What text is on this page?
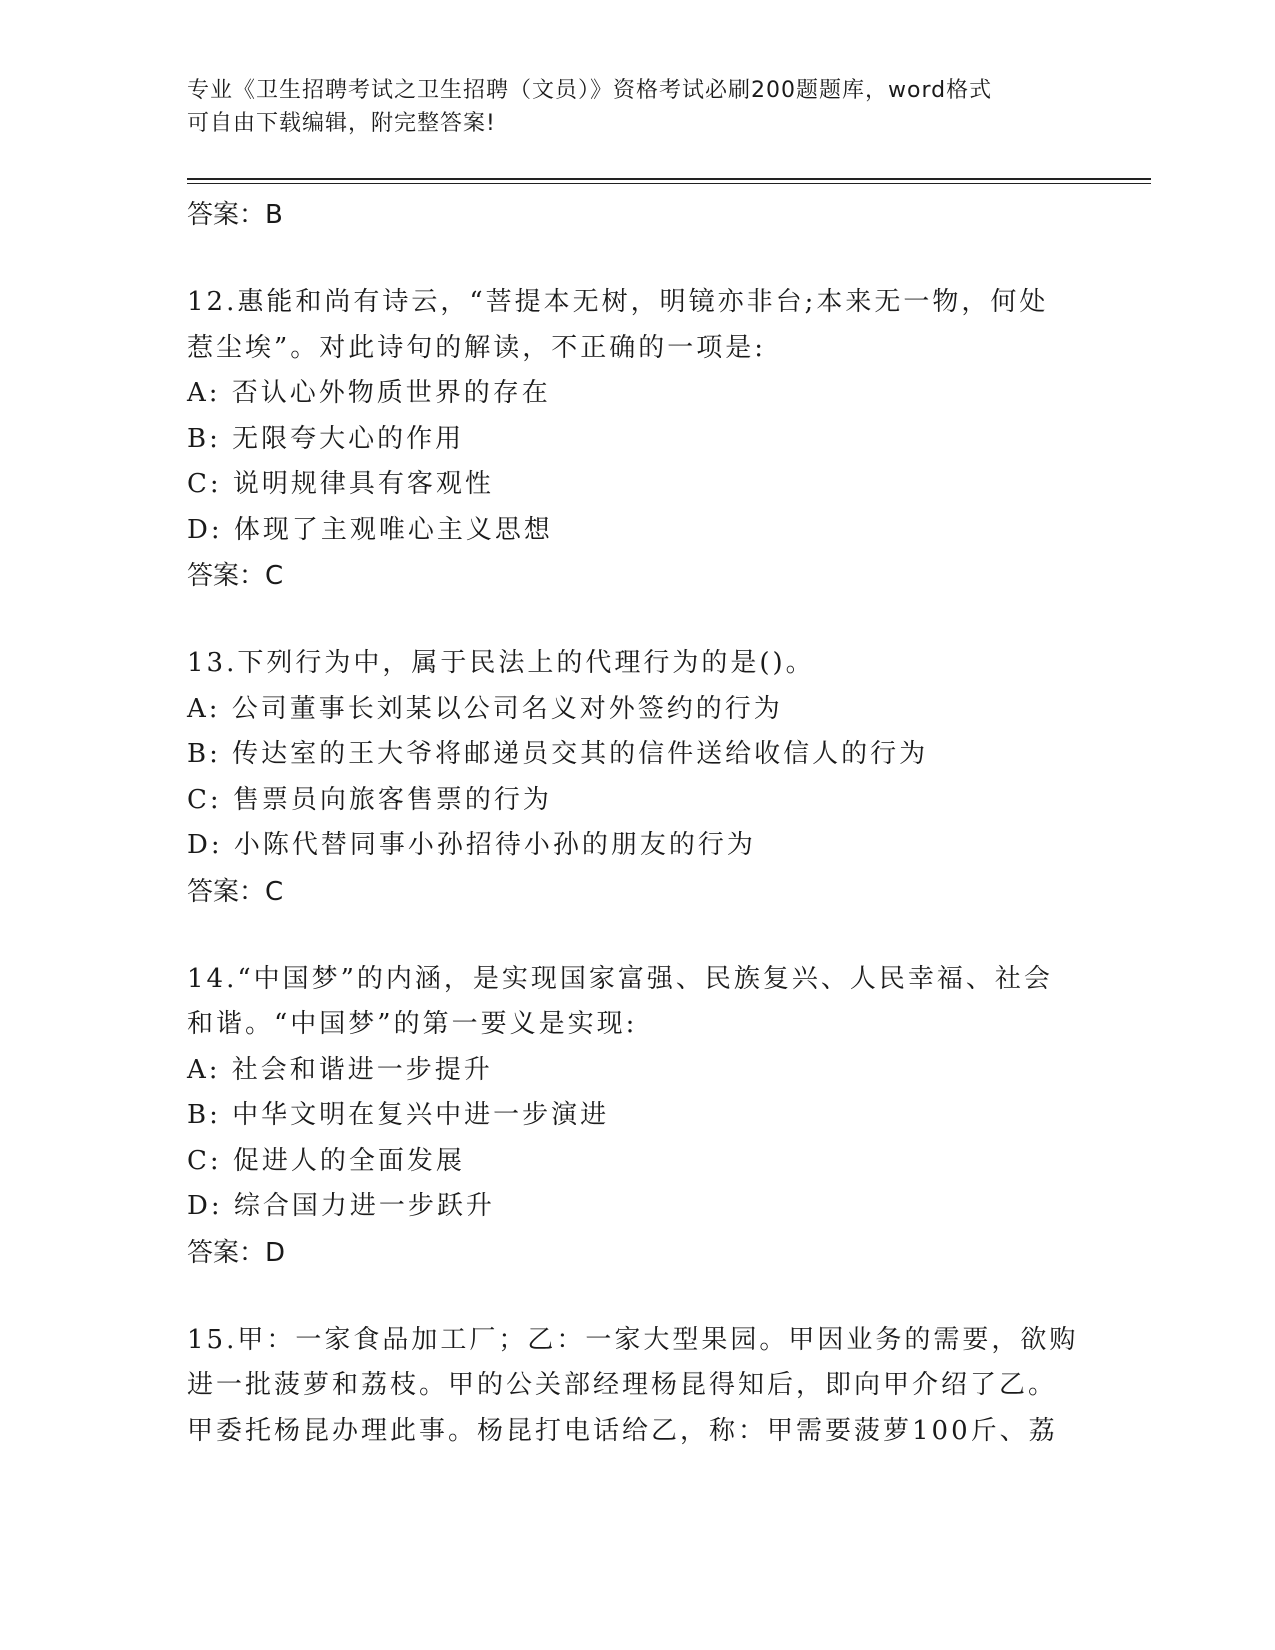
专业《卫生招聘考试之卫生招聘（文员）》资格考试必刷200题题库，word格式
可自由下载编辑，附完整答案!
答案：B
12.惠能和尚有诗云，“菩提本无树，明镜亦非台;本来无一物，何处
惹尘埃”。对此诗句的解读，不正确的一项是:
A: 否认心外物质世界的存在
B: 无限夸大心的作用
C: 说明规律具有客观性
D: 体现了主观唯心主义思想
答案：C
13.下列行为中，属于民法上的代理行为的是()。
A: 公司董事长刘某以公司名义对外签约的行为
B: 传达室的王大爷将邮递员交其的信件送给收信人的行为
C: 售票员向旅客售票的行为
D: 小陈代替同事小孙招待小孙的朋友的行为
答案：C
14.“中国梦”的内涵，是实现国家富强、民族复兴、人民幸福、社会
和谐。“中国梦”的第一要义是实现:
A: 社会和谐进一步提升
B: 中华文明在复兴中进一步演进
C: 促进人的全面发展
D: 综合国力进一步跃升
答案：D
15.甲：一家食品加工厂；乙：一家大型果园。甲因业务的需要，欲购
进一批菠萝和荔枝。甲的公关部经理杨昆得知后，即向甲介绍了乙。
甲委托杨昆办理此事。杨昆打电话给乙，称：甲需要菠萝100斤、荔
